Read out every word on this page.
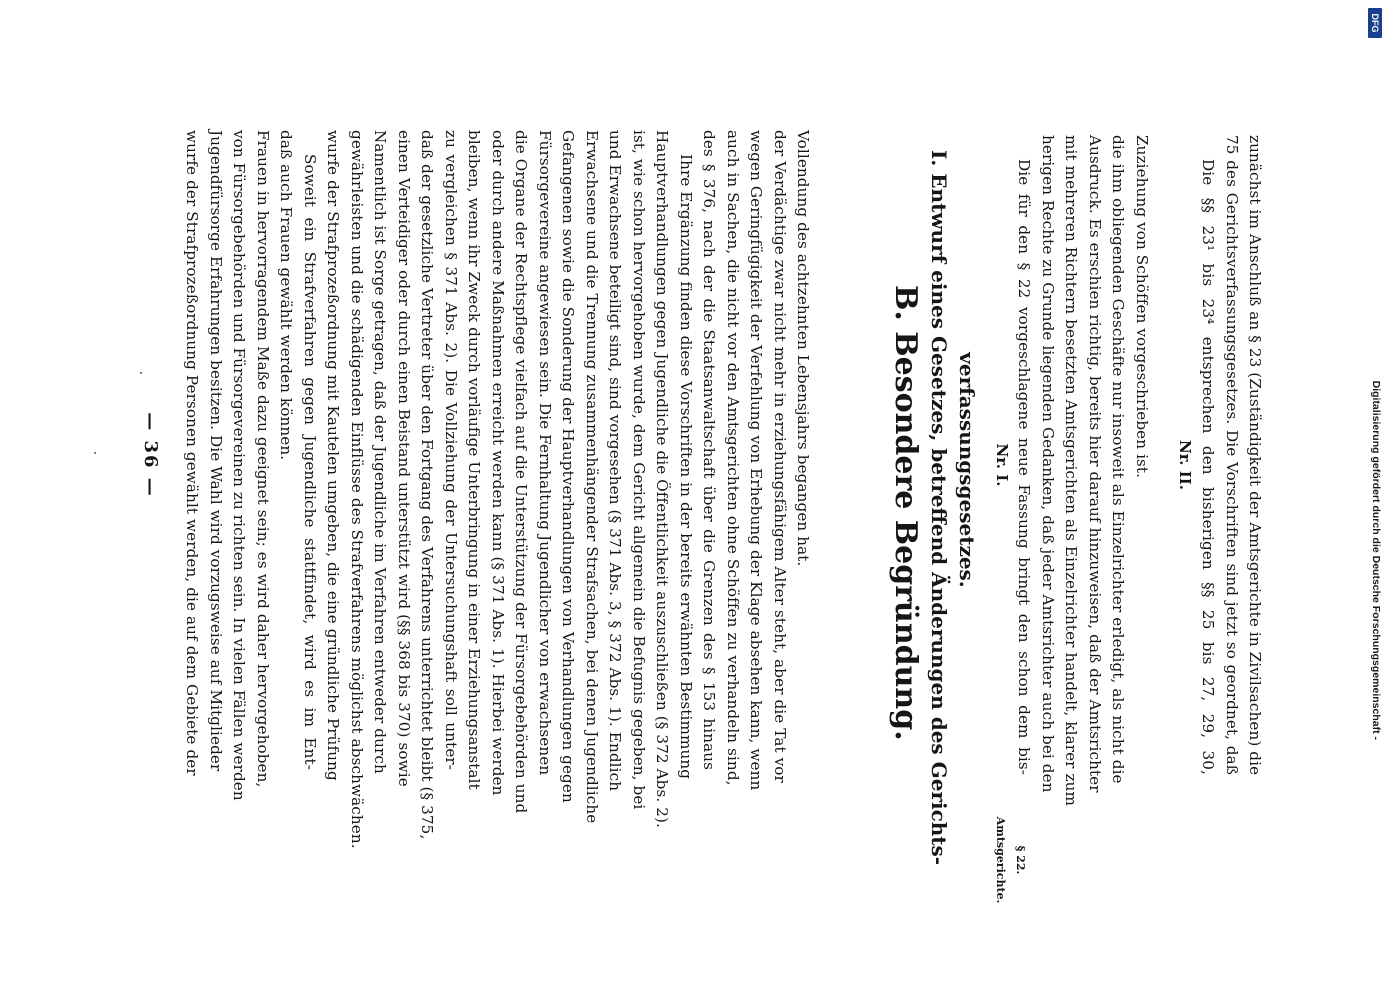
— 36 — wurfe der Strafprozeßordnung Personen gewählt werden, die auf dem Gebiete der Jugendfürsorge Erfahrungen besitzen. Die Wahl wird vorzugsweise auf Mitglieder von Fürsorgebehörden und Fürsorgevereinen zu richten sein. In vielen Fällen werden Frauen in hervorragendem Maße dazu geeignet sein; es wird daher hervorgehoben, daß auch Frauen gewählt werden können. Soweit ein Strafverfahren gegen Jugendliche stattfindet, wird es im Ent- wurfe der Strafprozeßordnung mit Kautelen umgeben, die eine gründliche Prüfung gewährleisten und die schädigenden Einflüsse des Strafverfahrens möglichst abschwächen. Namentlich ist Sorge getragen, daß der Jugendliche im Verfahren entweder durch einen Verteidiger oder durch einen Beistand unterstützt wird (§§ 368 bis 370) sowie daß der gesetzliche Vertreter über den Fortgang des Verfahrens unterrichtet bleibt (§ 375, zu vergleichen § 371 Abs. 2). Die Vollziehung der Untersuchungshaft soll unter- bleiben, wenn ihr Zweck durch vorläufige Unterbringung in einer Erziehungsanstalt oder durch andere Maßnahmen erreicht werden kann (§ 371 Abs. 1). Hierbei werden die Organe der Rechtspflege vielfach auf die Unterstützung der Fürsorgebehörden und Fürsorgevereine angewiesen sein. Die Fernhaltung Jugendlicher von erwachsenen Gefangenen sowie die Sonderung der Hauptverhandlungen von Verhandlungen gegen Erwachsene und die Trennung zusammenhängender Strafsachen, bei denen Jugendliche und Erwachsene beteiligt sind, sind vorgesehen (§ 371 Abs. 3, § 372 Abs. 1). Endlich ist, wie schon hervorgehoben wurde, dem Gericht allgemein die Befugnis gegeben, bei Hauptverhandlungen gegen Jugendliche die Öffentlichkeit auszuschließen (§ 372 Abs. 2). Ihre Ergänzung finden diese Vorschriften in der bereits erwähnten Bestimmung des § 376, nach der die Staatsanwaltschaft über die Grenzen des § 153 hinaus auch in Sachen, die nicht vor den Amtsgerichten ohne Schöffen zu verhandeln sind, wegen Geringfügigkeit der Verfehlung von Erhebung der Klage absehen kann, wenn der Verdächtige zwar nicht mehr in erziehungsfähigem Alter steht, aber die Tat vor Vollendung des achtzehnten Lebensjahrs begangen hat.	B. Besondere Begründung. I. Entwurf eines Gesetzes, betreffend Änderungen des Gerichts- verfassungsgesetzes. Nr. I.
Amtsgerichte. § 22.
Die für den § 22 vorgeschlagene neue Fassung bringt den schon dem bis- herigen Rechte zu Grunde liegenden Gedanken, daß jeder Amtsrichter auch bei den mit mehreren Richtern besetzten Amtsgerichten als Einzelrichter handelt, klarer zum Ausdruck. Es erschien richtig, bereits hier darauf hinzuweisen, daß der Amtsrichter die ihm obliegenden Geschäfte nur insoweit als Einzelrichter erledigt, als nicht die Zuziehung von Schöffen vorgeschrieben ist. Nr. II. Die §§ 23¹ bis 23⁴ entsprechen den bisherigen §§ 25 bis 27, 29, 30, 75 des Gerichtsverfassungsgesetzes. Die Vorschriften sind jetzt so geordnet, daß zunächst im Anschluß an § 23 (Zuständigkeit der Amtsgerichte in Zivilsachen) die
DFG
Digitalisierung gefördert durch die Deutsche Forschungsgemeinschaft -
